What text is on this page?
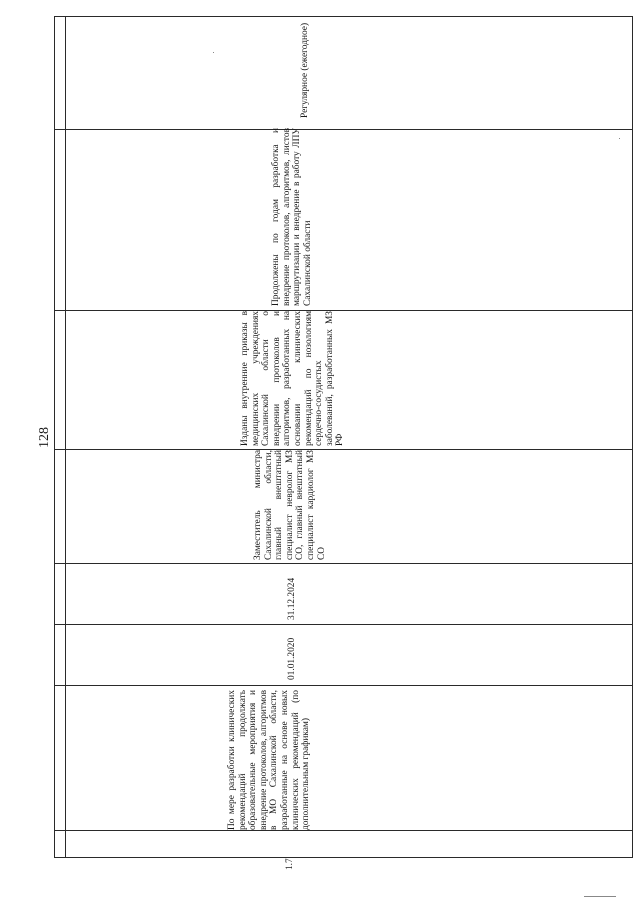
128
1.7
По мере разработки клинических рекомендаций продолжать образовательные мероприятия и внедрение протоколов, алгоритмов в МО Сахалинской области, разработанные на основе новых клинических рекомендаций (по дополнительным графикам)
01.01.2020
31.12.2024
Заместитель министра Сахалинской области, главный внештатный специалист невролог МЗ СО, главный внештатный специалист кардиолог МЗ СО
Изданы внутренние приказы в медицинских учреждениях Сахалинской области о внедрении протоколов и алгоритмов, разработанных на основании клинических рекомендаций по нозологиям сердечно-сосудистых заболеваний, разработанных МЗ РФ
Продолжены по годам разработка и внедрение протоколов, алгоритмов, листов маршрутизации и внедрение в работу ЛПУ Сахалинской области
Регулярное (ежегодное)
